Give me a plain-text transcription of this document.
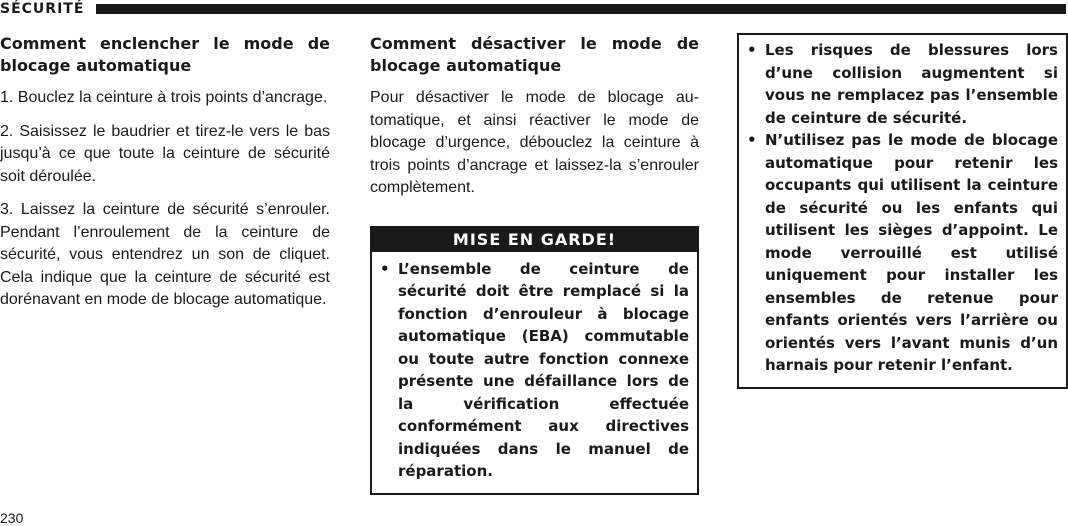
SÉCURITÉ
Comment enclencher le mode de blocage automatique

1. Bouclez la ceinture à trois points d’ancrage.

2. Saisissez le baudrier et tirez-le vers le bas jusqu’à ce que toute la ceinture de sécurité soit déroulée.

3. Laissez la ceinture de sécurité s’enrouler. Pendant l’enroulement de la ceinture de sécurité, vous entendrez un son de cliquet. Cela indique que la ceinture de sécurité est dorénavant en mode de blocage automatique.

Comment désactiver le mode de blocage automatique

Pour désactiver le mode de blocage automatique, et ainsi réactiver le mode de blocage d’urgence, débouclez la ceinture à trois points d’ancrage et laissez-la s’enrouler complètement.

MISE EN GARDE!
• L’ensemble de ceinture de sécurité doit être remplacé si la fonction d’enrouleur à blocage automatique (EBA) commutable ou toute autre fonction connexe présente une défaillance lors de la vérification effectuée conformément aux directives indiquées dans le manuel de réparation.
• Les risques de blessures lors d’une collision augmentent si vous ne remplacez pas l’ensemble de ceinture de sécurité.
• N’utilisez pas le mode de blocage automatique pour retenir les occupants qui utilisent la ceinture de sécurité ou les enfants qui utilisent les sièges d’appoint. Le mode verrouillé est utilisé uniquement pour installer les ensembles de retenue pour enfants orientés vers l’arrière ou orientés vers l’avant munis d’un harnais pour retenir l’enfant.
230
